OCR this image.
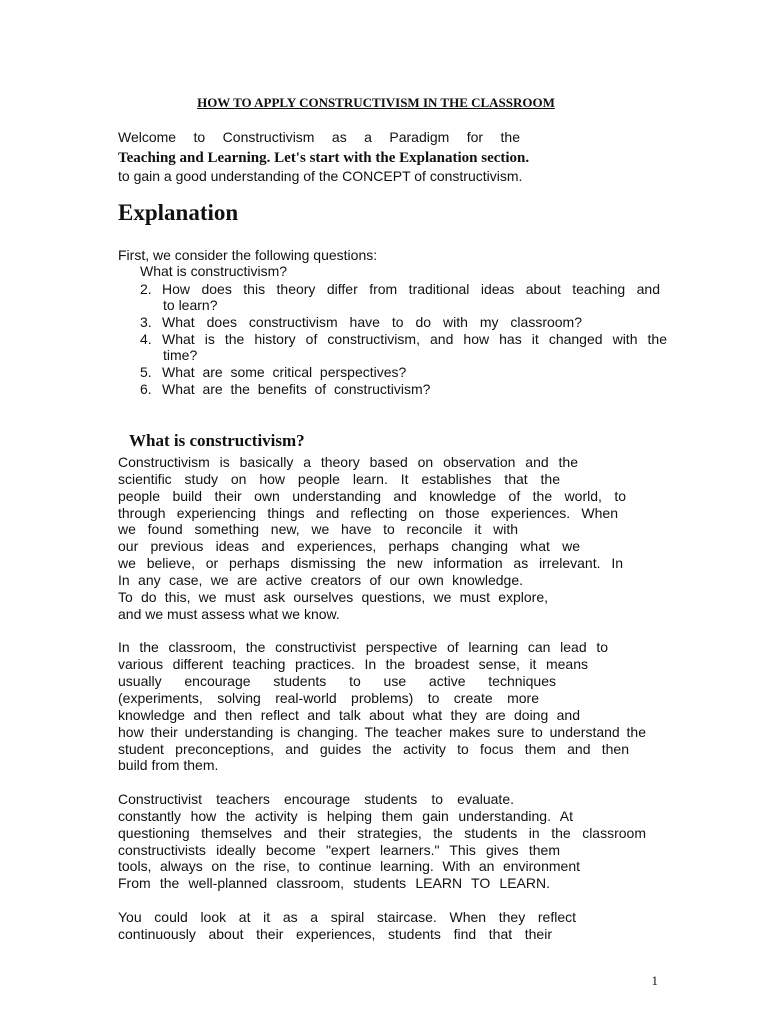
HOW TO APPLY CONSTRUCTIVISM IN THE CLASSROOM
Welcome to Constructivism as a Paradigm for the
Teaching and Learning. Let's start with the Explanation section.
to gain a good understanding of the CONCEPT of constructivism.
Explanation
First, we consider the following questions:
What is constructivism?
2. How does this theory differ from traditional ideas about teaching and
to learn?
3. What does constructivism have to do with my classroom?
4. What is the history of constructivism, and how has it changed with the
time?
5. What  are  some  critical  perspectives?
6. What  are  the  benefits  of  constructivism?
What is constructivism?
Constructivism is basically a theory based on observation and the
scientific study on how people learn. It establishes that the
people build their own understanding and knowledge of the world, to
through experiencing things and reflecting on those experiences. When
we found something new, we have to reconcile it with
our previous ideas and experiences, perhaps changing what we
we believe, or perhaps dismissing the new information as irrelevant. In
In any case, we are active creators of our own knowledge.
To do this, we must ask ourselves questions, we must explore,
and we must assess what we know.
In the classroom, the constructivist perspective of learning can lead to
various different teaching practices. In the broadest sense, it means
usually encourage students to use active techniques
(experiments, solving real-world problems) to create more
knowledge and then reflect and talk about what they are doing and
how their understanding is changing. The teacher makes sure to understand the
student preconceptions, and guides the activity to focus them and then
build from them.
Constructivist teachers encourage students to evaluate.
constantly how the activity is helping them gain understanding. At
questioning themselves and their strategies, the students in the classroom
constructivists ideally become "expert learners." This gives them
tools, always on the rise, to continue learning. With an environment
From the well-planned classroom, students LEARN TO LEARN.
You could look at it as a spiral staircase. When they reflect
continuously about their experiences, students find that their
1
